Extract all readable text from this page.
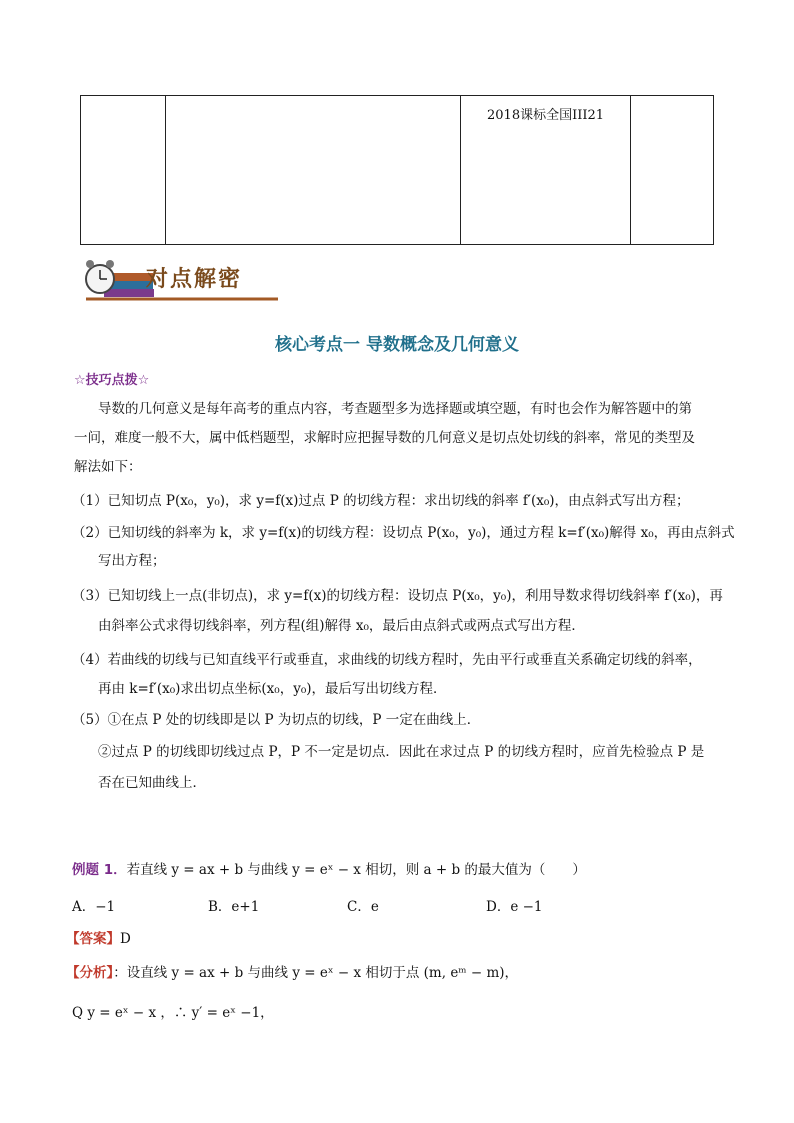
2018课标全国III21
对点解密
核心考点一 导数概念及几何意义
☆技巧点拨☆
导数的几何意义是每年高考的重点内容，考查题型多为选择题或填空题，有时也会作为解答题中的第
一问，难度一般不大，属中低档题型，求解时应把握导数的几何意义是切点处切线的斜率，常见的类型及
解法如下：
（1）已知切点 P(x₀，y₀)，求 y=f(x)过点 P 的切线方程：求出切线的斜率 f′(x₀)，由点斜式写出方程；
（2）已知切线的斜率为 k，求 y=f(x)的切线方程：设切点 P(x₀，y₀)，通过方程 k=f′(x₀)解得 x₀，再由点斜式
写出方程；
（3）已知切线上一点(非切点)，求 y=f(x)的切线方程：设切点 P(x₀，y₀)，利用导数求得切线斜率 f′(x₀)，再
由斜率公式求得切线斜率，列方程(组)解得 x₀，最后由点斜式或两点式写出方程．
（4）若曲线的切线与已知直线平行或垂直，求曲线的切线方程时，先由平行或垂直关系确定切线的斜率，
再由 k=f′(x₀)求出切点坐标(x₀，y₀)，最后写出切线方程．
（5）①在点 P 处的切线即是以 P 为切点的切线，P 一定在曲线上．
②过点 P 的切线即切线过点 P，P 不一定是切点．因此在求过点 P 的切线方程时，应首先检验点 P 是
否在已知曲线上．
例题 1．若直线 y = ax + b 与曲线 y = eˣ − x 相切，则 a + b 的最大值为（　　）
A．−1	B．e+1	C．e	D．e −1
【答案】D
【分析】：设直线 y = ax + b 与曲线 y = eˣ − x 相切于点 (m, eᵐ − m)，
Q y = eˣ − x ，∴ y′ = eˣ −1，
